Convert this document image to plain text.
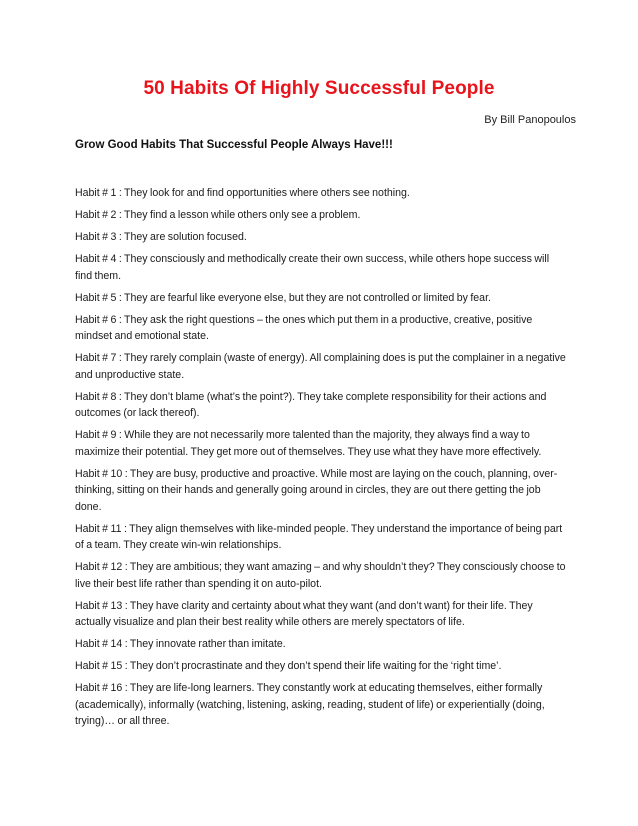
50 Habits Of Highly Successful People
By Bill Panopoulos
Grow Good Habits That Successful People Always Have!!!
Habit # 1 : They look for and find opportunities where others see nothing.
Habit # 2 : They find a lesson while others only see a problem.
Habit # 3 : They are solution focused.
Habit # 4 : They consciously and methodically create their own success, while others hope success will find them.
Habit # 5 : They are fearful like everyone else, but they are not controlled or limited by fear.
Habit # 6 : They ask the right questions – the ones which put them in a productive, creative, positive mindset and emotional state.
Habit # 7 : They rarely complain (waste of energy). All complaining does is put the complainer in a negative and unproductive state.
Habit # 8 : They don’t blame (what’s the point?). They take complete responsibility for their actions and outcomes (or lack thereof).
Habit # 9 : While they are not necessarily more talented than the majority, they always find a way to maximize their potential. They get more out of themselves. They use what they have more effectively.
Habit # 10 : They are busy, productive and proactive. While most are laying on the couch, planning, over-thinking, sitting on their hands and generally going around in circles, they are out there getting the job done.
Habit # 11 : They align themselves with like-minded people. They understand the importance of being part of a team. They create win-win relationships.
Habit # 12 : They are ambitious; they want amazing – and why shouldn’t they? They consciously choose to live their best life rather than spending it on auto-pilot.
Habit # 13 : They have clarity and certainty about what they want (and don’t want) for their life. They actually visualize and plan their best reality while others are merely spectators of life.
Habit # 14 : They innovate rather than imitate.
Habit # 15 : They don’t procrastinate and they don’t spend their life waiting for the ‘right time’.
Habit # 16 : They are life-long learners. They constantly work at educating themselves, either formally (academically), informally (watching, listening, asking, reading, student of life) or experientially (doing, trying)… or all three.
